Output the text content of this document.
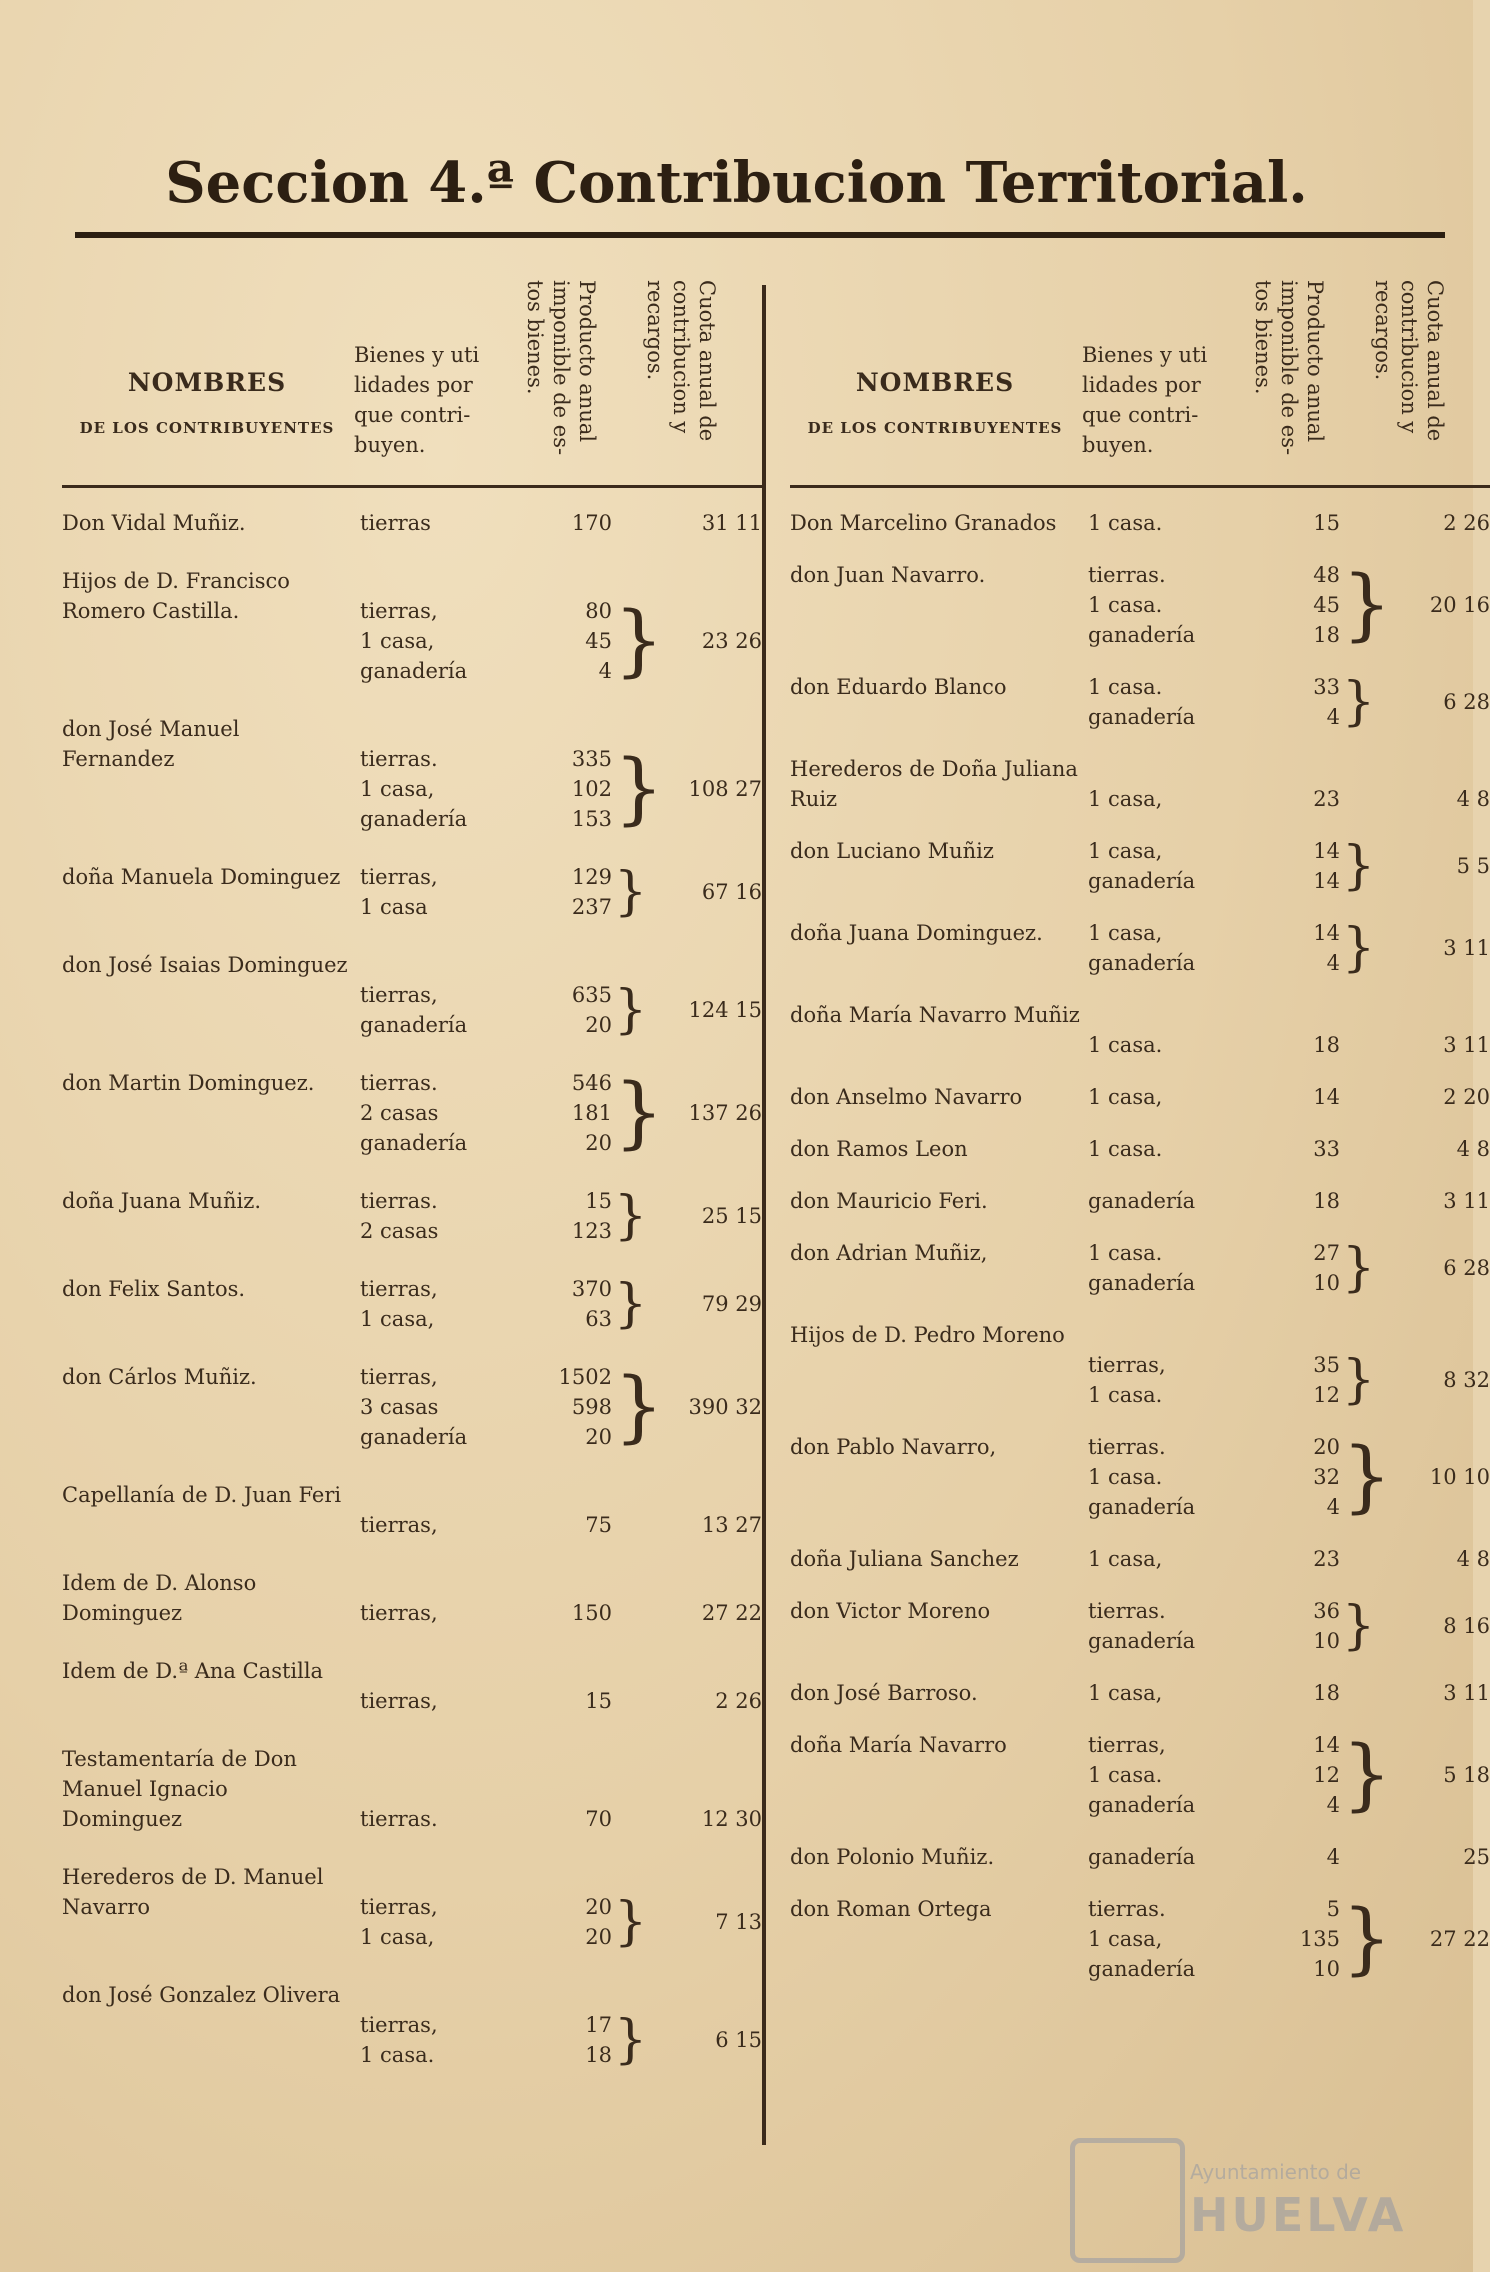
Seccion 4.ª Contribucion Territorial.
NOMBRES
DE LOS CONTRIBUYENTES
Bienes y uti lidades por que contri- buyen.
Producto anual imponible de es- tos bienes.	Cuota anual de contribucion y recargos.
Don Vidal Muñiz.	tierras	170	31 11
Hijos de D. Francisco Romero Castilla.	tierras,	80
1 casa,	45
ganadería	4 }	23 26
don José Manuel Fernandez	tierras.	335
1 casa,	102
ganadería	153 }	108 27
doña Manuela Dominguez tierras,	129
1 casa	237 }	67 16
don José Isaias Dominguez
tierras,	635
ganadería	20 }	124 15
don Martin Dominguez.	tierras.	546
2 casas	181
ganadería	20 }	137 26
doña Juana Muñiz.	tierras.	15
2 casas	123 }	25 15
don Felix Santos.	tierras,	370
1 casa,	63 }	79 29
don Cárlos Muñiz.	tierras,	1502
3 casas	598
ganadería	20 }	390 32
Capellanía de D. Juan Feri
tierras,	75	13 27
Idem de D. Alonso Dominguez	tierras,	150	27 22
Idem de D.ª Ana Castilla
tierras,	15	2 26
Testamentaría de Don Manuel Ignacio Dominguez	tierras.	70	12 30
Herederos de D. Manuel Navarro	tierras,	20
1 casa,	20 }	7 13
don José Gonzalez Olivera
tierras,	17
1 casa.	18 }	6 15
NOMBRES
DE LOS CONTRIBUYENTES
Bienes y uti lidades por que contri- buyen.
Producto anual imponible de es- tos bienes.	Cuota anual de contribucion y recargos.
Don Marcelino Granados	1 casa.	15	2 26
don Juan Navarro.	tierras.	48
1 casa.	45
ganadería	18 }	20 16
don Eduardo Blanco	1 casa.	33
ganadería	4 }	6 28
Herederos de Doña Juliana Ruiz	1 casa,	23	4 8
don Luciano Muñiz	1 casa,	14
ganadería	14 }	5 5
doña Juana Dominguez.	1 casa,	14
ganadería	4 }	3 11
doña María Navarro Muñiz
1 casa.	18	3 11
don Anselmo Navarro	1 casa,	14	2 20
don Ramos Leon	1 casa.	33	4 8
don Mauricio Feri.	ganadería	18	3 11
don Adrian Muñiz,	1 casa.	27
ganadería	10 }	6 28
Hijos de D. Pedro Moreno
tierras,	35
1 casa.	12 }	8 32
don Pablo Navarro,	tierras.	20
1 casa.	32
ganadería	4 }	10 10
doña Juliana Sanchez	1 casa,	23	4 8
don Victor Moreno	tierras.	36
ganadería	10 }	8 16
don José Barroso.	1 casa,	18	3 11
doña María Navarro	tierras,	14
1 casa.	12
ganadería	4 }	5 18
don Polonio Muñiz.	ganadería	4	25
don Roman Ortega	tierras.	5
1 casa,	135
ganadería	10 }	27 22
Ayuntamiento de
HUELVA
